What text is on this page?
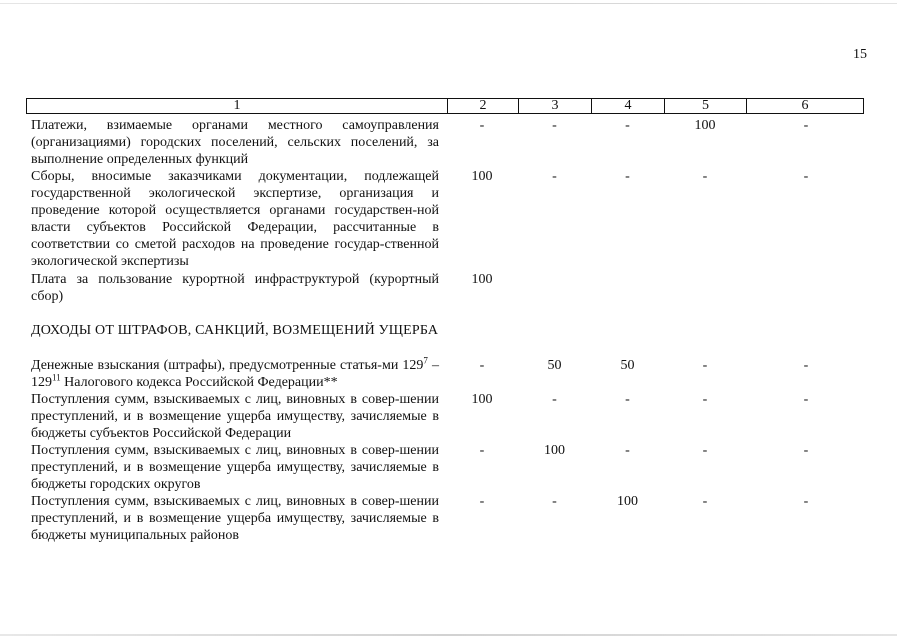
15
1	2	3	4	5	6
Платежи, взимаемые органами местного самоуправления (организациями) городских поселений, сельских поселений, за выполнение определенных функций
-	-	-	100	-
Сборы, вносимые заказчиками документации, подлежащей государственной экологической экспертизе, организация и проведение которой осуществляется органами государствен-ной власти субъектов Российской Федерации, рассчитанные в соответствии со сметой расходов на проведение государ-ственной экологической экспертизы
100	-	-	-	-
Плата за пользование курортной инфраструктурой (курортный сбор)
100
ДОХОДЫ ОТ ШТРАФОВ, САНКЦИЙ, ВОЗМЕЩЕНИЙ УЩЕРБА
Денежные взыскания (штрафы), предусмотренные статья-ми $129^7 - 129^{11}$ Налогового кодекса Российской Федерации**
-	50	50	-	-
Поступления сумм, взыскиваемых с лиц, виновных в совер-шении преступлений, и в возмещение ущерба имуществу, зачисляемые в бюджеты субъектов Российской Федерации
100	-	-	-	-
Поступления сумм, взыскиваемых с лиц, виновных в совер-шении преступлений, и в возмещение ущерба имуществу, зачисляемые в бюджеты городских округов
-	100	-	-	-
Поступления сумм, взыскиваемых с лиц, виновных в совер-шении преступлений, и в возмещение ущерба имуществу, зачисляемые в бюджеты муниципальных районов
-	-	100	-	-
